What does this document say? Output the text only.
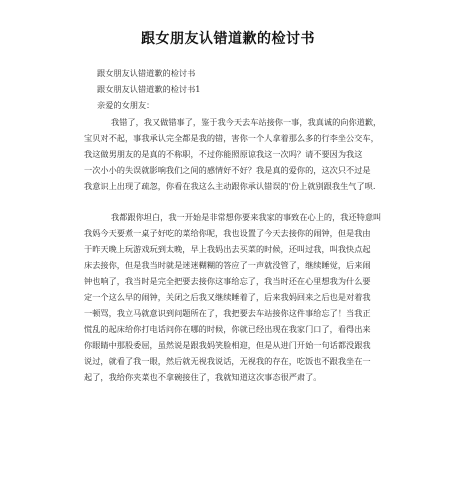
跟女朋友认错道歉的检讨书
跟女朋友认错道歉的检讨书
跟女朋友认错道歉的检讨书1
亲爱的女朋友：
我错了，我又做错事了，鉴于我今天去车站接你一事，我真诚的向你道歉，
宝贝对不起，事我承认完全都是我的错，害你一个人拿着那么多的行李坐公交车，
我这做男朋友的是真的不称职，不过你能照原谅我这一次吗？请不要因为我这
一次小小的失误就影响我们之间的感情好不好？我是真的爱你的，这次只不过是
我意识上出现了疏忽，你看在我这么主动跟你承认错误的'份上就别跟我生气了呗.
我都跟你坦白，我一开始是非常想你要来我家的事致在心上的，我还特意叫
我妈今天要煮一桌子好吃的菜给你呢，我也设置了今天去接你的闹钟，但是我由
于昨天晚上玩游戏玩到太晚，早上我妈出去买菜的时候，还叫过我，叫我快点起
床去接你，但是我当时就是迷迷糊糊的答应了一声就没管了，继续睡觉，后来闹
钟也响了，我当时是完全把要去接你这事给忘了，我当时还在心里想我为什么要
定一个这么早的闹钟，关闭之后我又继续睡着了，后来我妈回来之后也是对着我
一顿骂，我立马就意识到问题所在了，我把要去车站接你这件事给忘了！当我正
慌乱的起床给你打电话问你在哪的时候，你就已经出现在我家门口了，看得出来
你眼睛中那股委屈，虽然说是跟我妈笑脸相迎，但是从进门开始一句话都没跟我
说过，就看了我一眼，然后就无视我说话，无视我的存在，吃饭也不跟我坐在一
起了，我给你夹菜也不拿碗接住了，我就知道这次事态很严肃了。
